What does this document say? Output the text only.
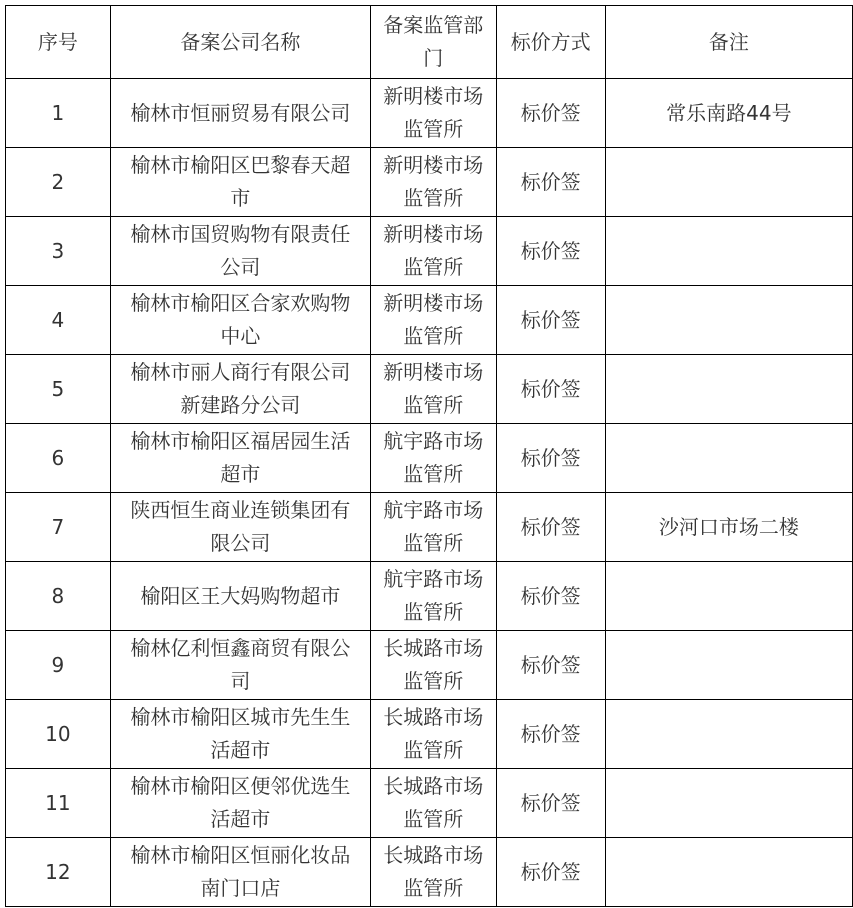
序号	备案公司名称	备案监管部门	标价方式	备注
1	榆林市恒丽贸易有限公司	新明楼市场监管所	标价签	常乐南路44号
2	榆林市榆阳区巴黎春天超市	新明楼市场监管所	标价签	
3	榆林市国贸购物有限责任公司	新明楼市场监管所	标价签	
4	榆林市榆阳区合家欢购物中心	新明楼市场监管所	标价签	
5	榆林市丽人商行有限公司新建路分公司	新明楼市场监管所	标价签	
6	榆林市榆阳区福居园生活超市	航宇路市场监管所	标价签	
7	陕西恒生商业连锁集团有限公司	航宇路市场监管所	标价签	沙河口市场二楼
8	榆阳区王大妈购物超市	航宇路市场监管所	标价签	
9	榆林亿利恒鑫商贸有限公司	长城路市场监管所	标价签	
10	榆林市榆阳区城市先生生活超市	长城路市场监管所	标价签	
11	榆林市榆阳区便邻优选生活超市	长城路市场监管所	标价签	
12	榆林市榆阳区恒丽化妆品南门口店	长城路市场监管所	标价签	
